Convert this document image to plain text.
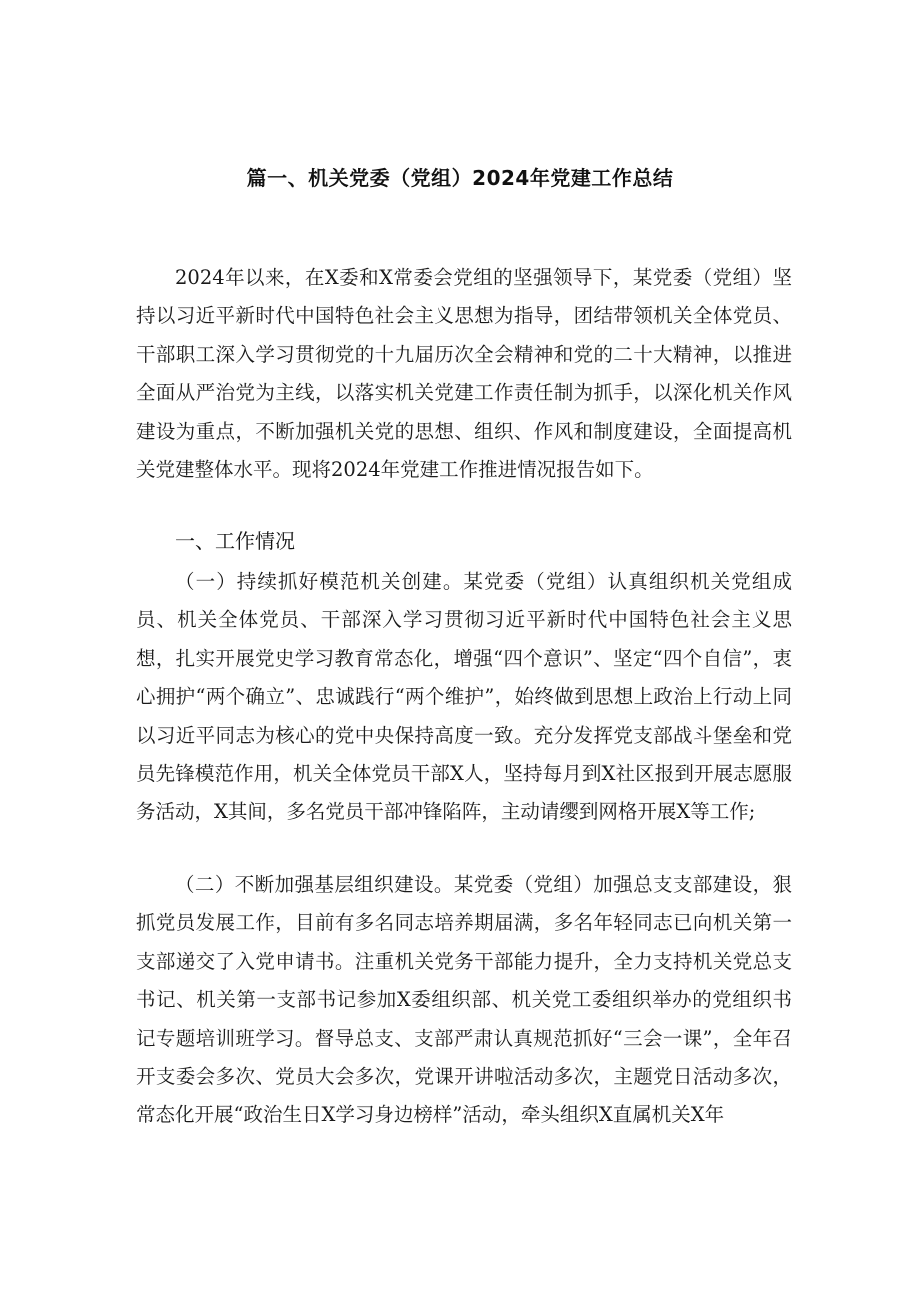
篇一、机关党委（党组）2024年党建工作总结

2024年以来，在X委和X常委会党组的坚强领导下，某党委（党组）坚持以习近平新时代中国特色社会主义思想为指导，团结带领机关全体党员、干部职工深入学习贯彻党的十九届历次全会精神和党的二十大精神，以推进全面从严治党为主线，以落实机关党建工作责任制为抓手，以深化机关作风建设为重点，不断加强机关党的思想、组织、作风和制度建设，全面提高机关党建整体水平。现将2024年党建工作推进情况报告如下。

一、工作情况

（一）持续抓好模范机关创建。某党委（党组）认真组织机关党组成员、机关全体党员、干部深入学习贯彻习近平新时代中国特色社会主义思想，扎实开展党史学习教育常态化，增强“四个意识”、坚定“四个自信”，衷心拥护“两个确立”、忠诚践行“两个维护”，始终做到思想上政治上行动上同以习近平同志为核心的党中央保持高度一致。充分发挥党支部战斗堡垒和党员先锋模范作用，机关全体党员干部X人，坚持每月到X社区报到开展志愿服务活动，X其间，多名党员干部冲锋陷阵，主动请缨到网格开展X等工作;

（二）不断加强基层组织建设。某党委（党组）加强总支支部建设，狠抓党员发展工作，目前有多名同志培养期届满，多名年轻同志已向机关第一支部递交了入党申请书。注重机关党务干部能力提升，全力支持机关党总支书记、机关第一支部书记参加X委组织部、机关党工委组织举办的党组织书记专题培训班学习。督导总支、支部严肃认真规范抓好“三会一课”，全年召开支委会多次、党员大会多次，党课开讲啦活动多次，主题党日活动多次，常态化开展“政治生日X学习身边榜样”活动，牵头组织X直属机关X年
